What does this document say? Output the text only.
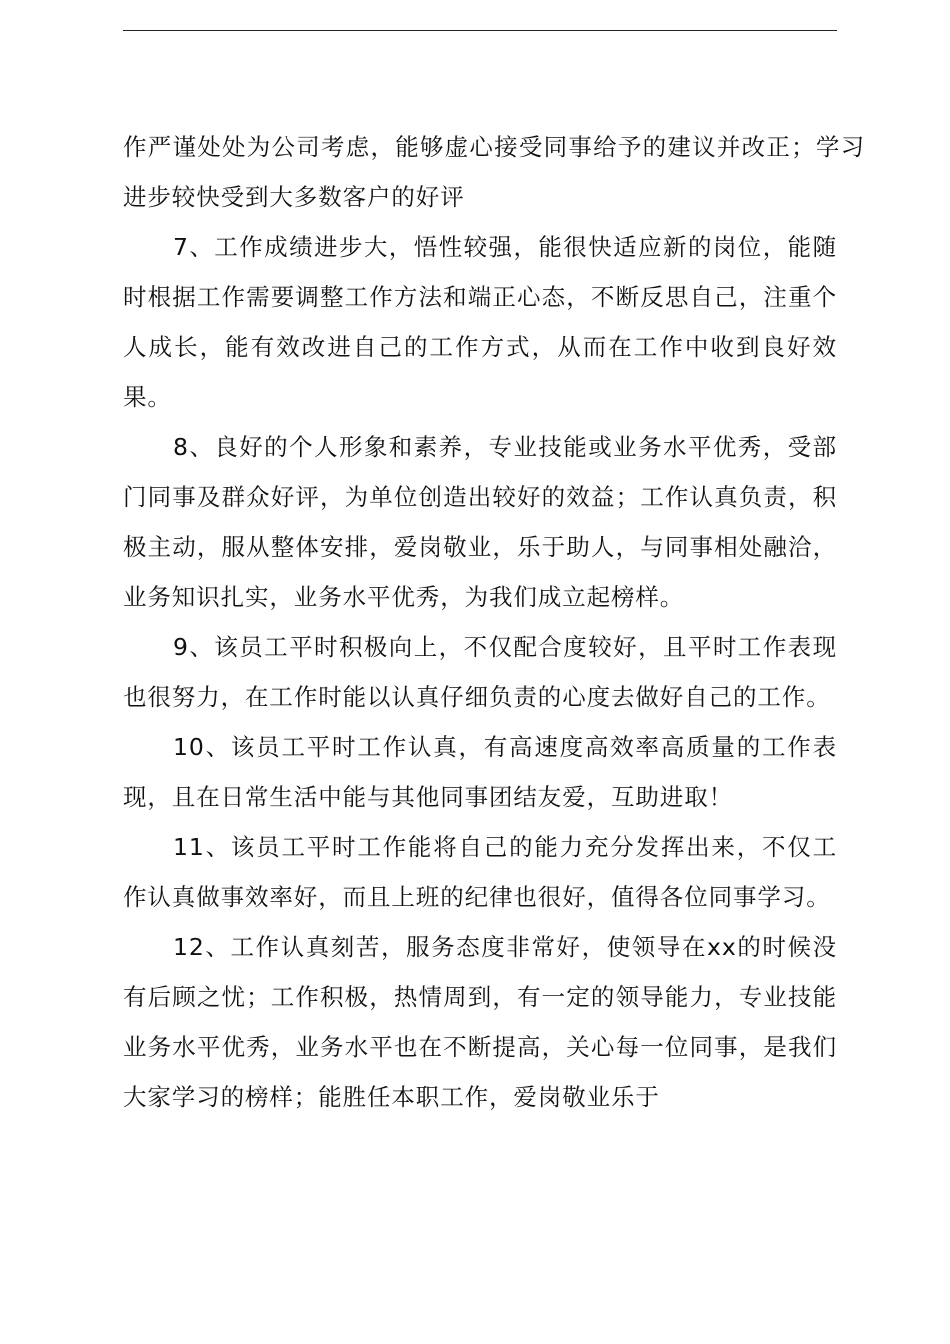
作严谨处处为公司考虑，能够虚心接受同事给予的建议并改正；学习进步较快受到大多数客户的好评

7、工作成绩进步大，悟性较强，能很快适应新的岗位，能随时根据工作需要调整工作方法和端正心态，不断反思自己，注重个人成长，能有效改进自己的工作方式，从而在工作中收到良好效果。

8、良好的个人形象和素养，专业技能或业务水平优秀，受部门同事及群众好评，为单位创造出较好的效益；工作认真负责，积极主动，服从整体安排，爱岗敬业，乐于助人，与同事相处融洽，业务知识扎实，业务水平优秀，为我们成立起榜样。

9、该员工平时积极向上，不仅配合度较好，且平时工作表现也很努力，在工作时能以认真仔细负责的心度去做好自己的工作。

10、该员工平时工作认真，有高速度高效率高质量的工作表现，且在日常生活中能与其他同事团结友爱，互助进取！

11、该员工平时工作能将自己的能力充分发挥出来，不仅工作认真做事效率好，而且上班的纪律也很好，值得各位同事学习。

12、工作认真刻苦，服务态度非常好，使领导在xx的时候没有后顾之忧；工作积极，热情周到，有一定的领导能力，专业技能业务水平优秀，业务水平也在不断提高，关心每一位同事，是我们大家学习的榜样；能胜任本职工作，爱岗敬业乐于
